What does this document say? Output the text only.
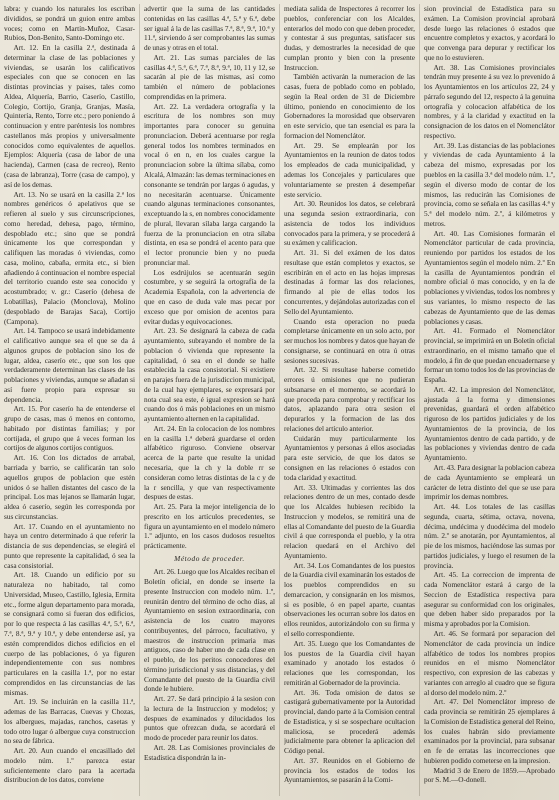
labra: y cuando los naturales los escriban divididos, se pondrá un guion entre ambas voces; como en Martín-Muñoz, Casar-Rubios, Don-Benito, Santo-Domingo etc.

Art. 12. En la casilla 2.ª, destinada á determinar la clase de las poblaciones y viviendas, se usarán los calificativos especiales con que se conocen en las distintas provincias y paises, tales como Aldea, Alquería, Barrio, Caserío, Castillo, Colegio, Cortijo, Granja, Granjas, Masía, Quintería, Rento, Torre etc.; pero poniendo á continuacion y entre paréntesis los nombres castellanos más propios y universalmente conocidos como equivalentes de aquellos. Ejemplos: Alquería (casa de labor de una hacienda), Carmen (casa de recreo), Rento (casa de labranza), Torre (casa de campo), y así de los demas.

Art. 13. No se usará en la casilla 2.ª los nombres genéricos ó apelativos que se refieren al suelo y sus circunscripciones, como heredad, dehesa, pago, término, despoblado etc.; sino que se pondrá únicamente los que correspondan y califiquen las moradas ó viviendas, como casa, molino, cabaña, ermita etc., si bien añadiendo á continuacion el nombre especial del territorio cuando este sea conocido y acostumbrado; v. gr.: Caserío (dehesa de Lobatillas), Palacio (Monclova), Molino (despoblado de Barajas Saca), Cortijo (Campona).

Art. 14. Tampoco se usará indebidamente el calificativo aunque sea el que se da á algunos grupos de poblacion sino los de lugar, aldea, caserío etc., que son los que verdaderamente determinan las clases de las poblaciones y viviendas, aunque se añadan si así fuere propio para expresar su dependencia.

Art. 15. Por caserío ha de entenderse el grupo de casas, mas ó menos en contorno, habitado por distintas familias; y por cortijada, el grupo que á veces forman los cortijos de algunos cortijos contiguos.

Art. 16. Con los dictados de arrabal, barriada y barrio, se calificarán tan solo aquellos grupos de poblacion que estén unidos ó se hallen distantes del casco de la principal. Los mas lejanos se llamarán lugar, aldea ó caserío, según les corresponda por sus circunstancias.

Art. 17. Cuando en el ayuntamiento no haya un centro determinado á que referir la distancia de sus dependencias, se elegirá el punto que represente la capitalidad, ó sea la casa consistorial.

Art. 18. Cuando un edificio por su naturaleza no habitado, tal como Universidad, Museo, Castillo, Iglesia, Ermita etc., forme algun departamento para morada, se consignará como si fueran dos edificios, por lo que respecta á las casillas 4.ª, 5.ª, 6.ª, 7.ª, 8.ª, 9.ª y 10.ª, y debe entenderse así, ya estén comprendidos dichos edificios en el cuerpo de las poblaciones, ó ya figuren independientemente con sus nombres particulares en la casilla 1.ª, por no estar comprendidos en las circunstancias de las mismas.

Art. 19. Se incluirán en la casilla 11.ª, ademas de las Barracas, Cuevas y Chozas, los albergues, majadas, ranchos, casetas y todo otro lugar ó albergue cuya construccion no sea de fábrica.

Art. 20. Aun cuando el encasillado del modelo núm. 1.º parezca estar suficientemente claro para la acertada distribucion de los datos, conviene

advertir que la suma de las cantidades contenidas en las casillas 4.ª, 5.ª y 6.ª, debe ser igual á la de las casillas 7.ª, 8.ª, 9.ª, 10.ª y 11.ª, sirviendo á ser comprobantes las sumas de unas y otras en el total.

Art. 21. Las sumas parciales de las casillas 4.ª, 5.ª, 6.ª, 7.ª, 8.ª, 9.ª, 10, 11 y 12, se sacarán al pie de las mismas, así como también el número de poblaciones comprendidas en la primera.

Art. 22. La verdadera ortografía y la escritura de los nombres son muy importantes para conocer su genuina pronunciacion. Deberá acentuarse por regla general todos los nombres terminados en vocal ó en n, en los cuales cargue la pronunciacion sobre la última sílaba, como Alcalá, Almazán: las demas terminaciones en consonante se tendrán por largas ó agudas, y no necesitarán acentuarse. Únicamente cuando algunas terminaciones consonantes, exceptuando la s, en nombres conocidamente de plural, llevaran sílaba larga cargando la fuerza de la pronunciacion en otra sílaba distinta, en esa se pondrá el acento para que el lector pronuncie bien y no pueda pronunciar mal.

Los esdrújulos se acentuarán según costumbre, y se seguirá la ortografía de la Academia Española, con la advertencia de que en caso de duda vale mas pecar por exceso que por omision de acentos para evitar dudas y equivocaciones.

Art. 23. Se designará la cabeza de cada ayuntamiento, subrayando el nombre de la poblacion ó vivienda que represente la capitalidad, ó sea en el donde se halle establecida la casa consistorial. Si existiere en parajes fuera de la jurisdiccion municipal, de la cual hay ejemplares, se expresará por nota cual sea este, é igual expresion se hará cuando dos ó más poblaciones en un mismo ayuntamiento alternen en la capitalidad.

Art. 24. En la colocacion de los nombres en la casilla 1.ª deberá guardarse el orden alfabético riguroso. Conviene observar acerca de la parte que resulte la unidad necesaria, que la ch y la doble rr se consideran como letras distintas de la c y de la r sencilla, y que van respectivamente despues de estas.

Art. 25. Para la mejor inteligencia de lo prescrito en los artículos precedentes, se figura un ayuntamiento en el modelo número 1.º adjunto, en los casos dudosos resueltos prácticamente.

Método de proceder.

Art. 26. Luego que los Alcaldes reciban el Boletín oficial, en donde se inserte la presente Instruccion con modelo núm. 1.º, reunirán dentro del término de ocho días, al Ayuntamiento en sesion extraordinaria, con asistencia de los cuatro mayores contribuyentes, del párroco, facultativo, y maestros de instruccion primaria mas antiguos, caso de haber uno de cada clase en el pueblo, de los peritos conocedores del término jurisdiccional y sus distancias, y del Comandante del puesto de la Guardia civil donde le hubiere.

Art. 27. Se dará principio á la sesion con la lectura de la Instruccion y modelos; y despues de examinados y dilucidados los puntos que ofrezcan duda, se acordará el modo de proceder para reunir los datos.

Art. 28. Las Comisiones provinciales de Estadística dispondrán la in-

mediata salida de Inspectores á recorrer los pueblos, conferenciar con los Alcaldes, enterarlos del modo con que deben proceder, y contestar á sus preguntas, satisfacer sus dudas, y demostrarles la necesidad de que cumplan pronto y bien con la presente Instruccion.

También activarán la numeracion de las casas, fuera de poblado como en poblado, según la Real orden de 31 de Diciembre último, poniendo en conocimiento de los Gobernadores la morosidad que observaren en este servicio, que tan esencial es para la formacion del Nomenclátor.

Art. 29. Se emplearán por los Ayuntamientos en la reunion de datos todos los empleados de cada municipalidad, y ademas los Concejales y particulares que voluntariamente se presten á desempeñar este servicio.

Art. 30. Reunidos los datos, se celebrará una segunda sesion extraordinaria, con asistencia de todos los individuos convocados para la primera, y se procederá á su exámen y calificacion.

Art. 31. Si del exámen de los datos resultase que están completos y exactos, se escribirán en el acto en las hojas impresas destinadas á formar las dos relaciones, firmando al pie de ellas todos los concurrentes, y dejándolas autorizadas con el Sello del Ayuntamiento.

Cuando esta operacion no pueda completarse únicamente en un solo acto, por ser muchos los nombres y datos que hayan de consignarse, se continuará en otra ú otras sesiones sucesivas.

Art. 32. Si resultase haberse cometido errores ú omisiones que no pudieran subsanarse en el momento, se acordará lo que proceda para comprobar y rectificar los datos, aplazando para otra sesion el depurarlos y la formacion de las dos relaciones del artículo anterior.

Cuidarán muy particularmente los Ayuntamientos y personas á ellos asociadas para este servicio, de que los datos se consignen en las relaciones ó estados con toda claridad y exactitud.

Art. 33. Ultimadas y corrientes las dos relaciones dentro de un mes, contado desde que los Alcaldes hubiesen recibido la Instruccion y modelos, se remitirá una de ellas al Comandante del puesto de la Guardia civil á que corresponda el pueblo, y la otra relacion quedará en el Archivo del Ayuntamiento.

Art. 34. Los Comandantes de los puestos de la Guardia civil examinarán los estados de los pueblos comprendidos en su demarcacion, y consignarán en los mismos, si es posible, ó en papel aparte, cuantas observaciones les ocurran sobre los datos en ellos reunidos, autorizándolo con su firma y el sello correspondiente.

Art. 35. Luego que los Comandantes de los puestos de la Guardia civil hayan examinado y anotado los estados ó relaciones que les correspondan, los remitirán al Gobernador de la provincia.

Art. 36. Toda omision de datos se castigará gubernativamente por la Autoridad provincial, dando parte á la Comision central de Estadística, y si se sospechare ocultacion maliciosa, se procederá además judicialmente para obtener la aplicacion del Código penal.

Art. 37. Reunidos en el Gobierno de provincia los estados de todos los Ayuntamientos, se pasarán á la Comi-

sion provincial de Estadística para su exámen. La Comision provincial aprobará desde luego las relaciones ó estados que encuentre completos y exactos, y acordará lo que convenga para depurar y rectificar los que no lo estuvieren.

Art. 38. Las Comisiones provinciales tendrán muy presente á su vez lo prevenido á los Ayuntamientos en los artículos 22, 24 y párrafo segundo del 12, respecto á la genuina ortografía y colocacion alfabética de los nombres, y á la claridad y exactitud en la consignacion de los datos en el Nomenclátor respectivo.

Art. 39. Las distancias de las poblaciones y viviendas de cada Ayuntamiento á la cabeza del mismo, expresadas por los pueblos en la casilla 3.ª del modelo núm. 1.º, según el diverso modo de contar de los mismos, las reducirán las Comisiones de provincia, como se señala en las casillas 4.ª y 5.ª del modelo núm. 2.º, á kilómetros y metros.

Art. 40. Las Comisiones formarán el Nomenclátor particular de cada provincia, reuniendo por partidos los estados de los Ayuntamientos según el modelo núm. 2.º En la casilla de Ayuntamientos pondrán el nombre oficial ó mas conocido, y en la de poblaciones y viviendas, todos los nombres y sus variantes, lo mismo respecto de las cabezas de Ayuntamiento que de las demas poblaciones y casas.

Art. 41. Formado el Nomenclátor provincial, se imprimirá en un Boletín oficial extraordinario, en el mismo tamaño que el modelo, á fin de que puedan encuadernarse y formar un tomo todos los de las provincias de España.

Art. 42. La impresion del Nomenclátor, ajustada á la forma y dimensiones prevenidas, guardará el orden alfabético riguroso de los partidos judiciales y de los Ayuntamientos de la provincia, de los Ayuntamientos dentro de cada partido, y de las poblaciones y viviendas dentro de cada Ayuntamiento.

Art. 43. Para designar la poblacion cabeza de cada Ayuntamiento se empleará un carácter de letra distinto del que se use para imprimir los demas nombres.

Art. 44. Los totales de las casillas segunda, cuarta, sétima, octava, novena, décima, undécima y duodécima del modelo núm. 2.º se anotarán, por Ayuntamientos, al pie de los mismos, haciéndose las sumas por partidos judiciales, y luego el resumen de la provincia.

Art. 45. La correccion de imprenta de cada Nomenclátor estará á cargo de la Seccion de Estadística respectiva para asegurar su conformidad con los originales, que deben haber sido preparados por la misma y aprobados por la Comision.

Art. 46. Se formará por separacion del Nomenclátor de cada provincia un índice alfabético de todos los nombres propios reunidos en el mismo Nomenclátor respectivo, con expresion de las cabezas y variantes con arreglo al cuadro que se figura al dorso del modelo núm. 2.º

Art. 47. Del Nomenclátor impreso de cada provincia se remitirán 25 ejemplares á la Comision de Estadística general del Reino, los cuales habrán sido previamente examinados por la provincial, para subsanar en fe de erratas las incorrecciones que hubieren podido cometerse en la impresion.

Madrid 3 de Enero de 1859.—Aprobado por S. M.—O-donell.
